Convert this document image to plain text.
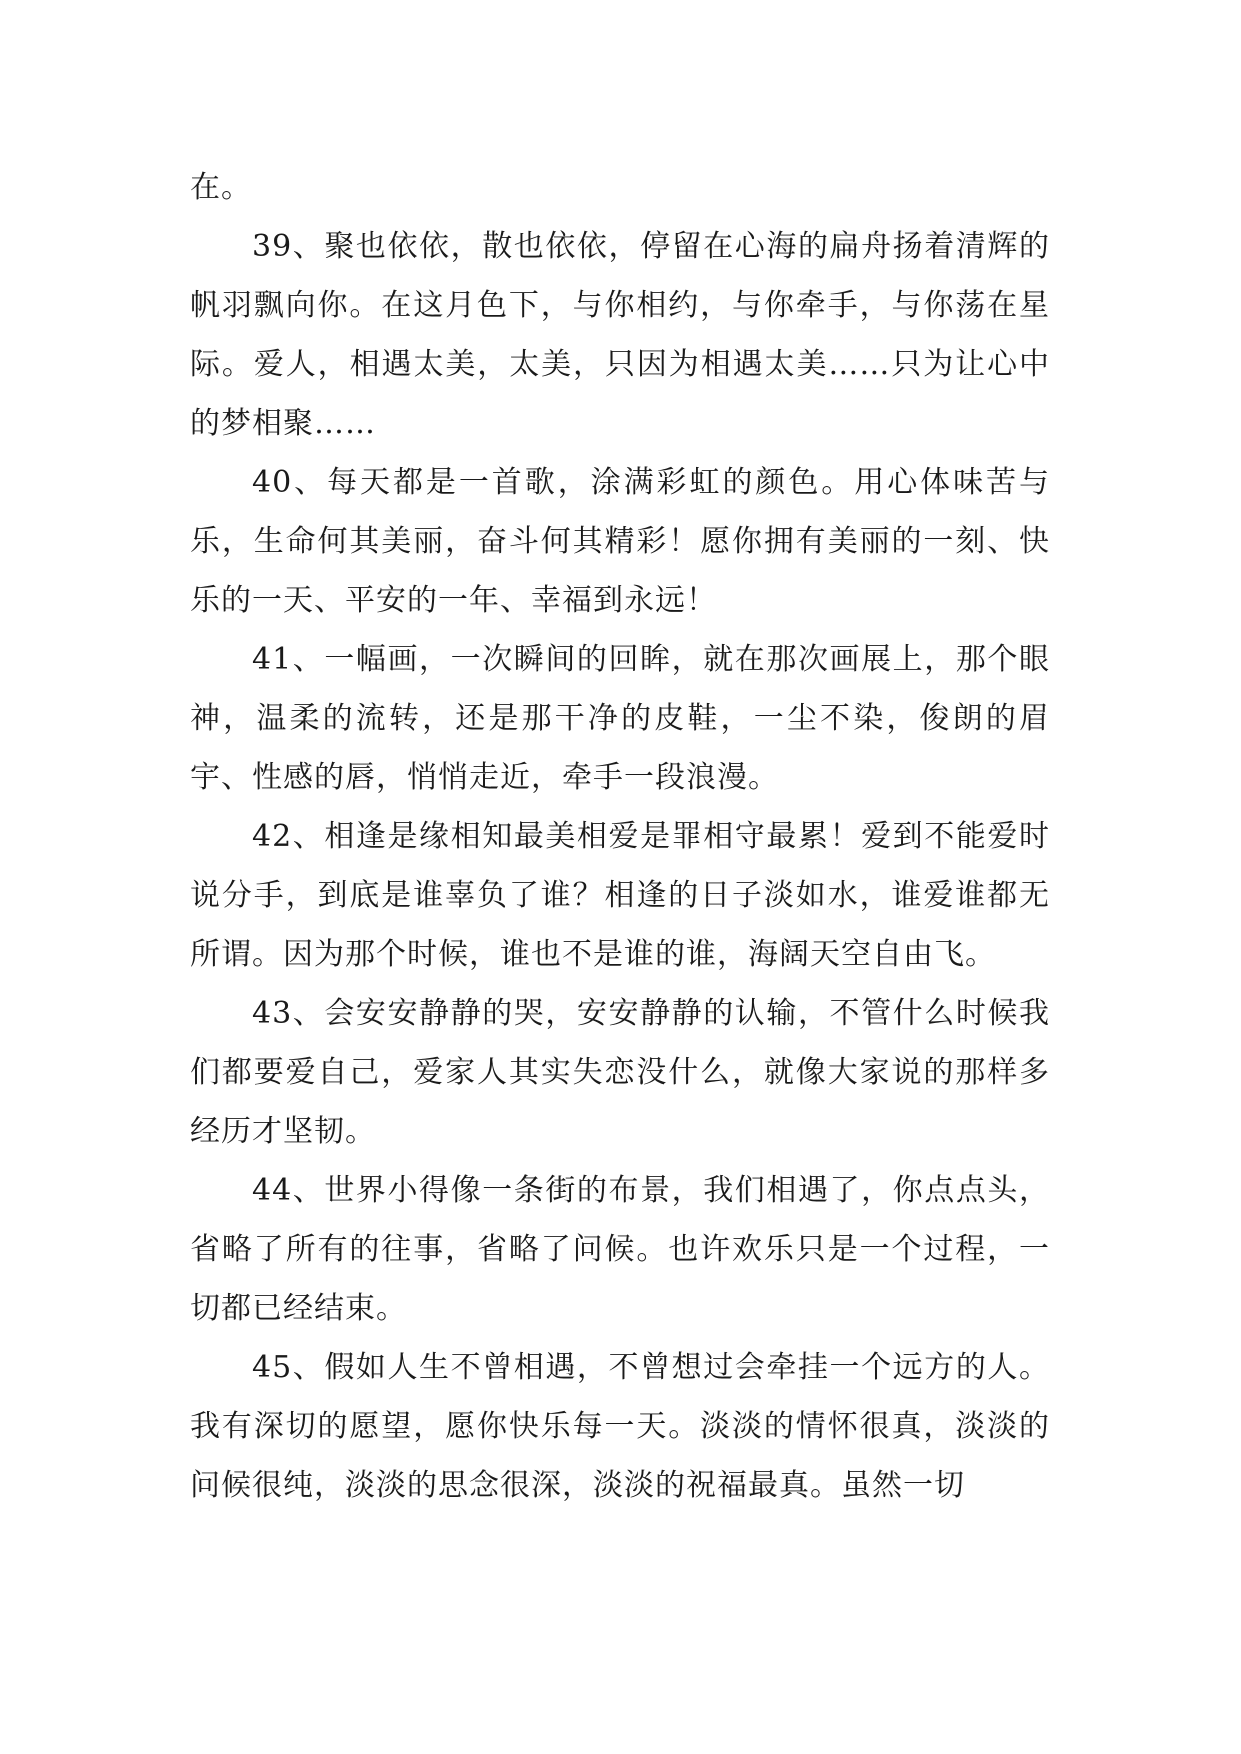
在。

39、聚也依依，散也依依，停留在心海的扁舟扬着清辉的帆羽飘向你。在这月色下，与你相约，与你牵手，与你荡在星际。爱人，相遇太美，太美，只因为相遇太美……只为让心中的梦相聚……

40、每天都是一首歌，涂满彩虹的颜色。用心体味苦与乐，生命何其美丽，奋斗何其精彩！愿你拥有美丽的一刻、快乐的一天、平安的一年、幸福到永远！

41、一幅画，一次瞬间的回眸，就在那次画展上，那个眼神，温柔的流转，还是那干净的皮鞋，一尘不染，俊朗的眉宇、性感的唇，悄悄走近，牵手一段浪漫。

42、相逢是缘相知最美相爱是罪相守最累！爱到不能爱时说分手，到底是谁辜负了谁？相逢的日子淡如水，谁爱谁都无所谓。因为那个时候，谁也不是谁的谁，海阔天空自由飞。

43、会安安静静的哭，安安静静的认输，不管什么时候我们都要爱自己，爱家人其实失恋没什么，就像大家说的那样多经历才坚韧。

44、世界小得像一条街的布景，我们相遇了，你点点头，省略了所有的往事，省略了问候。也许欢乐只是一个过程，一切都已经结束。

45、假如人生不曾相遇，不曾想过会牵挂一个远方的人。我有深切的愿望，愿你快乐每一天。淡淡的情怀很真，淡淡的问候很纯，淡淡的思念很深，淡淡的祝福最真。虽然一切
